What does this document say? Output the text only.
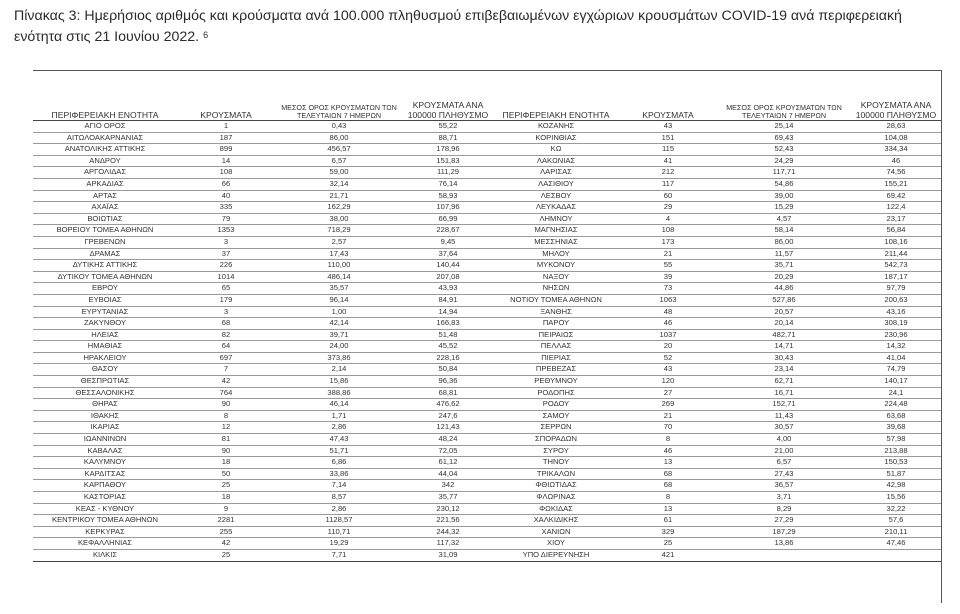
Πίνακας 3: Ημερήσιος αριθμός και κρούσματα ανά 100.000 πληθυσμού επιβεβαιωμένων εγχώριων κρουσμάτων COVID-19 ανά περιφερειακή ενότητα στις 21 Ιουνίου 2022. $^6$
ΠΕΡΙΦΕΡΕΙΑΚΗ ΕΝΟΤΗΤΑ	ΚΡΟΥΣΜΑΤΑ	ΜΕΣΟΣ ΟΡΟΣ ΚΡΟΥΣΜΑΤΩΝ ΤΩΝ ΤΕΛΕΥΤΑΙΩΝ 7 ΗΜΕΡΩΝ	ΚΡΟΥΣΜΑΤΑ ΑΝΑ 100000 ΠΛΗΘΥΣΜΟ	ΠΕΡΙΦΕΡΕΙΑΚΗ ΕΝΟΤΗΤΑ	ΚΡΟΥΣΜΑΤΑ	ΜΕΣΟΣ ΟΡΟΣ ΚΡΟΥΣΜΑΤΩΝ ΤΩΝ ΤΕΛΕΥΤΑΙΩΝ 7 ΗΜΕΡΩΝ	ΚΡΟΥΣΜΑΤΑ ΑΝΑ 100000 ΠΛΗΘΥΣΜΟ
ΑΓΙΟ ΟΡΟΣ	1	0,43	55,22	ΚΟΖΑΝΗΣ	43	25,14	28,63
ΑΙΤΩΛΟΑΚΑΡΝΑΝΙΑΣ	187	86,00	88,71	ΚΟΡΙΝΘΙΑΣ	151	69,43	104,08
ΑΝΑΤΟΛΙΚΗΣ ΑΤΤΙΚΗΣ	899	456,57	178,96	ΚΩ	115	52,43	334,34
ΑΝΔΡΟΥ	14	6,57	151,83	ΛΑΚΩΝΙΑΣ	41	24,29	46
ΑΡΓΟΛΙΔΑΣ	108	59,00	111,29	ΛΑΡΙΣΑΣ	212	117,71	74,56
ΑΡΚΑΔΙΑΣ	66	32,14	76,14	ΛΑΣΙΘΙΟΥ	117	54,86	155,21
ΑΡΤΑΣ	40	21,71	58,93	ΛΕΣΒΟΥ	60	39,00	69,42
ΑΧΑΪΑΣ	335	162,29	107,96	ΛΕΥΚΑΔΑΣ	29	15,29	122,4
ΒΟΙΩΤΙΑΣ	79	38,00	66,99	ΛΗΜΝΟΥ	4	4,57	23,17
ΒΟΡΕΙΟΥ ΤΟΜΕΑ ΑΘΗΝΩΝ	1353	718,29	228,67	ΜΑΓΝΗΣΙΑΣ	108	58,14	56,84
ΓΡΕΒΕΝΩΝ	3	2,57	9,45	ΜΕΣΣΗΝΙΑΣ	173	86,00	108,16
ΔΡΑΜΑΣ	37	17,43	37,64	ΜΗΛΟΥ	21	11,57	211,44
ΔΥΤΙΚΗΣ ΑΤΤΙΚΗΣ	226	110,00	140,44	ΜΥΚΟΝΟΥ	55	35,71	542,73
ΔΥΤΙΚΟΥ ΤΟΜΕΑ ΑΘΗΝΩΝ	1014	486,14	207,08	ΝΑΞΟΥ	39	20,29	187,17
ΕΒΡΟΥ	65	35,57	43,93	ΝΗΣΩΝ	73	44,86	97,79
ΕΥΒΟΙΑΣ	179	96,14	84,91	ΝΟΤΙΟΥ ΤΟΜΕΑ ΑΘΗΝΩΝ	1063	527,86	200,63
ΕΥΡΥΤΑΝΙΑΣ	3	1,00	14,94	ΞΑΝΘΗΣ	48	20,57	43,16
ΖΑΚΥΝΘΟΥ	68	42,14	166,83	ΠΑΡΟΥ	46	20,14	308,19
ΗΛΕΙΑΣ	82	39,71	51,48	ΠΕΙΡΑΙΩΣ	1037	482,71	230,96
ΗΜΑΘΙΑΣ	64	24,00	45,52	ΠΕΛΛΑΣ	20	14,71	14,32
ΗΡΑΚΛΕΙΟΥ	697	373,86	228,16	ΠΙΕΡΙΑΣ	52	30,43	41,04
ΘΑΣΟΥ	7	2,14	50,84	ΠΡΕΒΕΖΑΣ	43	23,14	74,79
ΘΕΣΠΡΩΤΙΑΣ	42	15,86	96,36	ΡΕΘΥΜΝΟΥ	120	62,71	140,17
ΘΕΣΣΑΛΟΝΙΚΗΣ	764	388,86	68,81	ΡΟΔΟΠΗΣ	27	16,71	24,1
ΘΗΡΑΣ	90	46,14	476,62	ΡΟΔΟΥ	269	152,71	224,48
ΙΘΑΚΗΣ	8	1,71	247,6	ΣΑΜΟΥ	21	11,43	63,68
ΙΚΑΡΙΑΣ	12	2,86	121,43	ΣΕΡΡΩΝ	70	30,57	39,68
ΙΩΑΝΝΙΝΩΝ	81	47,43	48,24	ΣΠΟΡΑΔΩΝ	8	4,00	57,98
ΚΑΒΑΛΑΣ	90	51,71	72,05	ΣΥΡΟΥ	46	21,00	213,88
ΚΑΛΥΜΝΟΥ	18	6,86	61,12	ΤΗΝΟΥ	13	6,57	150,53
ΚΑΡΔΙΤΣΑΣ	50	33,86	44,04	ΤΡΙΚΑΛΩΝ	68	27,43	51,87
ΚΑΡΠΑΘΟΥ	25	7,14	342	ΦΘΙΩΤΙΔΑΣ	68	36,57	42,98
ΚΑΣΤΟΡΙΑΣ	18	8,57	35,77	ΦΛΩΡΙΝΑΣ	8	3,71	15,56
ΚΕΑΣ - ΚΥΘΝΟΥ	9	2,86	230,12	ΦΩΚΙΔΑΣ	13	8,29	32,22
ΚΕΝΤΡΙΚΟΥ ΤΟΜΕΑ ΑΘΗΝΩΝ	2281	1128,57	221,56	ΧΑΛΚΙΔΙΚΗΣ	61	27,29	57,6
ΚΕΡΚΥΡΑΣ	255	110,71	244,32	ΧΑΝΙΩΝ	329	187,29	210,11
ΚΕΦΑΛΛΗΝΙΑΣ	42	19,29	117,32	ΧΙΟΥ	25	13,86	47,46
ΚΙΛΚΙΣ	25	7,71	31,09	ΥΠΟ ΔΙΕΡΕΥΝΗΣΗ	421		
